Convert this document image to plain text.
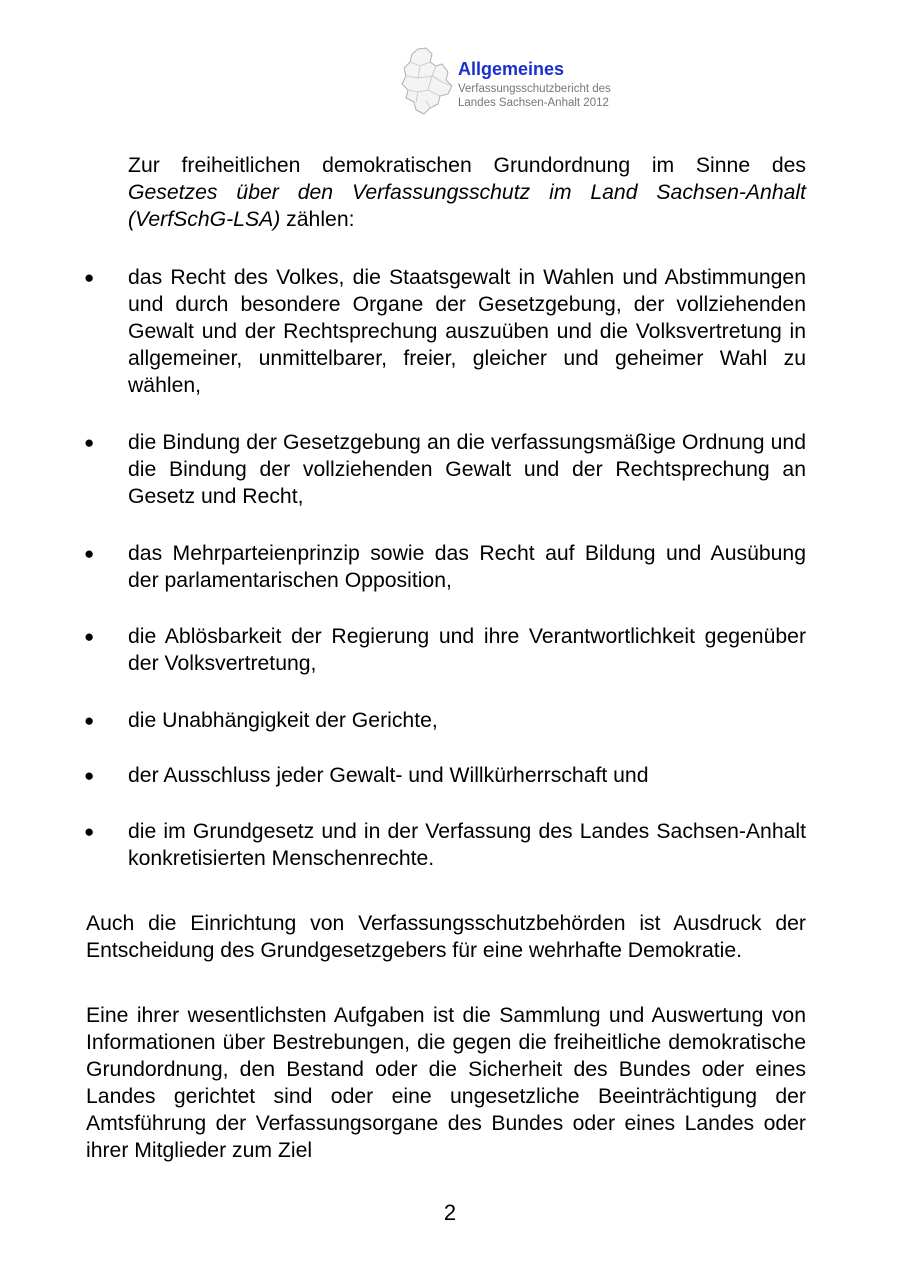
Allgemeines
Verfassungsschutzbericht des
Landes Sachsen-Anhalt 2012
Zur freiheitlichen demokratischen Grundordnung im Sinne des Gesetzes über den Verfassungsschutz im Land Sachsen-Anhalt (VerfSchG-LSA) zählen:
● das Recht des Volkes, die Staatsgewalt in Wahlen und Abstimmungen und durch besondere Organe der Gesetzgebung, der vollziehenden Gewalt und der Rechtsprechung auszuüben und die Volksvertretung in allgemeiner, unmittelbarer, freier, gleicher und geheimer Wahl zu wählen,
● die Bindung der Gesetzgebung an die verfassungsmäßige Ordnung und die Bindung der vollziehenden Gewalt und der Rechtsprechung an Gesetz und Recht,
● das Mehrparteienprinzip sowie das Recht auf Bildung und Ausübung der parlamentarischen Opposition,
● die Ablösbarkeit der Regierung und ihre Verantwortlichkeit gegenüber der Volksvertretung,
● die Unabhängigkeit der Gerichte,
● der Ausschluss jeder Gewalt- und Willkürherrschaft und
● die im Grundgesetz und in der Verfassung des Landes Sachsen-Anhalt konkretisierten Menschenrechte.
Auch die Einrichtung von Verfassungsschutzbehörden ist Ausdruck der Entscheidung des Grundgesetzgebers für eine wehrhafte Demokratie.
Eine ihrer wesentlichsten Aufgaben ist die Sammlung und Auswertung von Informationen über Bestrebungen, die gegen die freiheitliche demokratische Grundordnung, den Bestand oder die Sicherheit des Bundes oder eines Landes gerichtet sind oder eine ungesetzliche Beeinträchtigung der Amtsführung der Verfassungsorgane des Bundes oder eines Landes oder ihrer Mitglieder zum Ziel
2
